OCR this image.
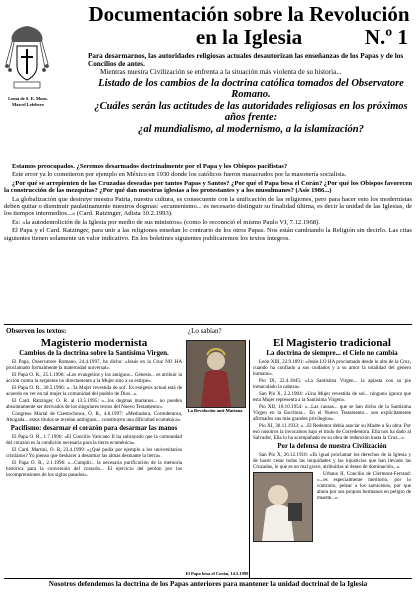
Documentación sobre la Revolución
en la Iglesia	N.º 1
Lema de S. E. Mons. Marcel Lefebvre
Para desarmarnos, las autoridades religiosas actuales desautorizan las enseñanzas de los Papas y de los Concilios de antes.
Mientras nuestra Civilización se enfrenta a la situación más violenta de su historia...
Listado de los cambios de la doctrina católica tomados del Observatore Romano.
¿Cuáles serán las actitudes de las autoridades religiosas en los próximos años frente:
¿al mundialismo, al modernismo, a la islamización?

Estamos preocupados. ¿Seremos desarmados doctrinalmente por el Papa y los Obispos pacifistas?

Este error ya lo cometieron por ejemplo en México en 1930 donde los católicos fueron masacrados por la masonería socialista.

¿Por qué se arrepienten de las Cruzadas deseadas por tantos Papas y Santos? ¿Por qué el Papa besa el Corán? ¿Por qué los Obispos favorecen la construcción de las mezquitas? ¿Por qué dan nuestras iglesias a los protestantes y a los musulmanes? (Asís 1986...)

La globalización que destruye nuestra Patria, nuestra cultura, es consecuente con la unificación de las religiones, pero para hacer esto los modernistas deben quitar o disminuir paulatinamente nuestros dogmas: «ecumenismo... es necesario distinguir su finalidad última, es decir la unidad de las Iglesias, de los tiempos intermedios...» (Card. Ratzinger, Adista 10.2.1993).

Es: «la autodemolición de la Iglesia por medio de sus ministros» (como lo reconoció el mismo Paulo VI, 7.12.1968).

El Papa y el Card. Ratzinger, para unir a las religiones enseñan lo contrario de los otros Papas. Nos están cambiando la Religión sin decirlo. Las citas siguientes tienen solamente un valor indicativo. En los boletines siguientes publicaremos los textos íntegros.

Observen los textos:	¿Lo sabían?

Magisterio modernista

Cambios de la doctrina sobre la Santísima Virgen.

El Papa, Osservatore Romano, 24.4.1997, ha dicho: «Jesús en la Cruz NO HA proclamado formalmente la maternidad universal».

El Papa O. R., 25.1.1996: «Los evangelios y los antiguos... Génesis... es atribuir la acción contra la serpiente no directamente a la Mujer sino a su estirpe».

El Papa O. R., 30.5.1996: «...'la Mujer revestida de sol'. Es exégesis actual está de acuerdo en ver en tal mujer la comunidad del pueblo de Dios...».

El Card. Ratzinger, O. R. al 13.5.1995: «...los dogmas marianos... no pueden absolutamente ser derivados de los singulares textos del Nuevo Testamento».

Congreso Marial de Czestochowa, O. R., 4.6.1997: «Mediadora, Corredentora, Abogada... estos títulos se revelan ambiguos... constituyen una dificultad ecuménica».

Pacifismo: desarmar el corazón para desarmar las manos

El Papa O. R., 1.7.1996: «El Concilio Vaticano II ha subrayado que la comunidad del corazón es la condición necesaria para la tierra ecuménica».

El Card. Martini, O. R, 23.4.1999: «¿Qué podía por ejemplo a los universitarios cristianos? Yo pienso que deshacer a desarmar las almas desmante la tierra».

El Papa O. R., 2.1.1996: «...Cumplir... la necesaria purificación de la memoria histórica para la conversión del corazón... El ejercicio del perdón por los incomprensiones de los siglos pasados».

La Revolución anti-Mariana

El Magisterio tradicional

La doctrina de siempre... el Cielo no cambia

León XIII, 22.9.1891: «Jesús LO HA proclamado desde lo alto de la Cruz, cuando ha confiado a sus cuidados y a su amor la totalidad del género humano».

Pío IX, 22.4.1845: «La Santísima Virgen... la aplasta con su pie inmaculado la cabeza».

San Pío X, 2.2.1904: «Una Mujer revestida de sol... ninguno ignora que esta Mujer representa a la Santísima Virgen».

Pío XII, 18.10.1954: «...Las causas... que se han dicho de la Santísima Virgen en la Escritura... En el Nuevo Testamento... son explícitamente afirmados sus más grandes privilegios».

Pío XI, 30.11.1933: «...El Redentor debía asociar su Madre a Su obra. Por eso nosotros la invocamos bajo el título de Corredentora. Ella nos ha dado al Salvador, Ella lo ha acompañado en su obra de redención hasta la Cruz...».

Por la defensa de nuestra Civilización

San Pío X, 26.12.1910: «Es igual proclamar los derechos de la Iglesia y de hacer cesar todas las iniquidades y las injusticias que han llevado las Cruzadas, lo que es un mal grave, atribuirlas al deseo de dominación...».

Urbano II, Concilio de Clermont-Ferrand: «...es especialmente meritorio, por lo contrario, pelear a los sarracenos, por que ahora por sus propios hermanos en peligro de muerte...».

El Papa besa el Corán, 14.5.1999
Nosotros defendemos la doctrina de los Papas anteriores para mantener la unidad doctrinal de la Iglesia
